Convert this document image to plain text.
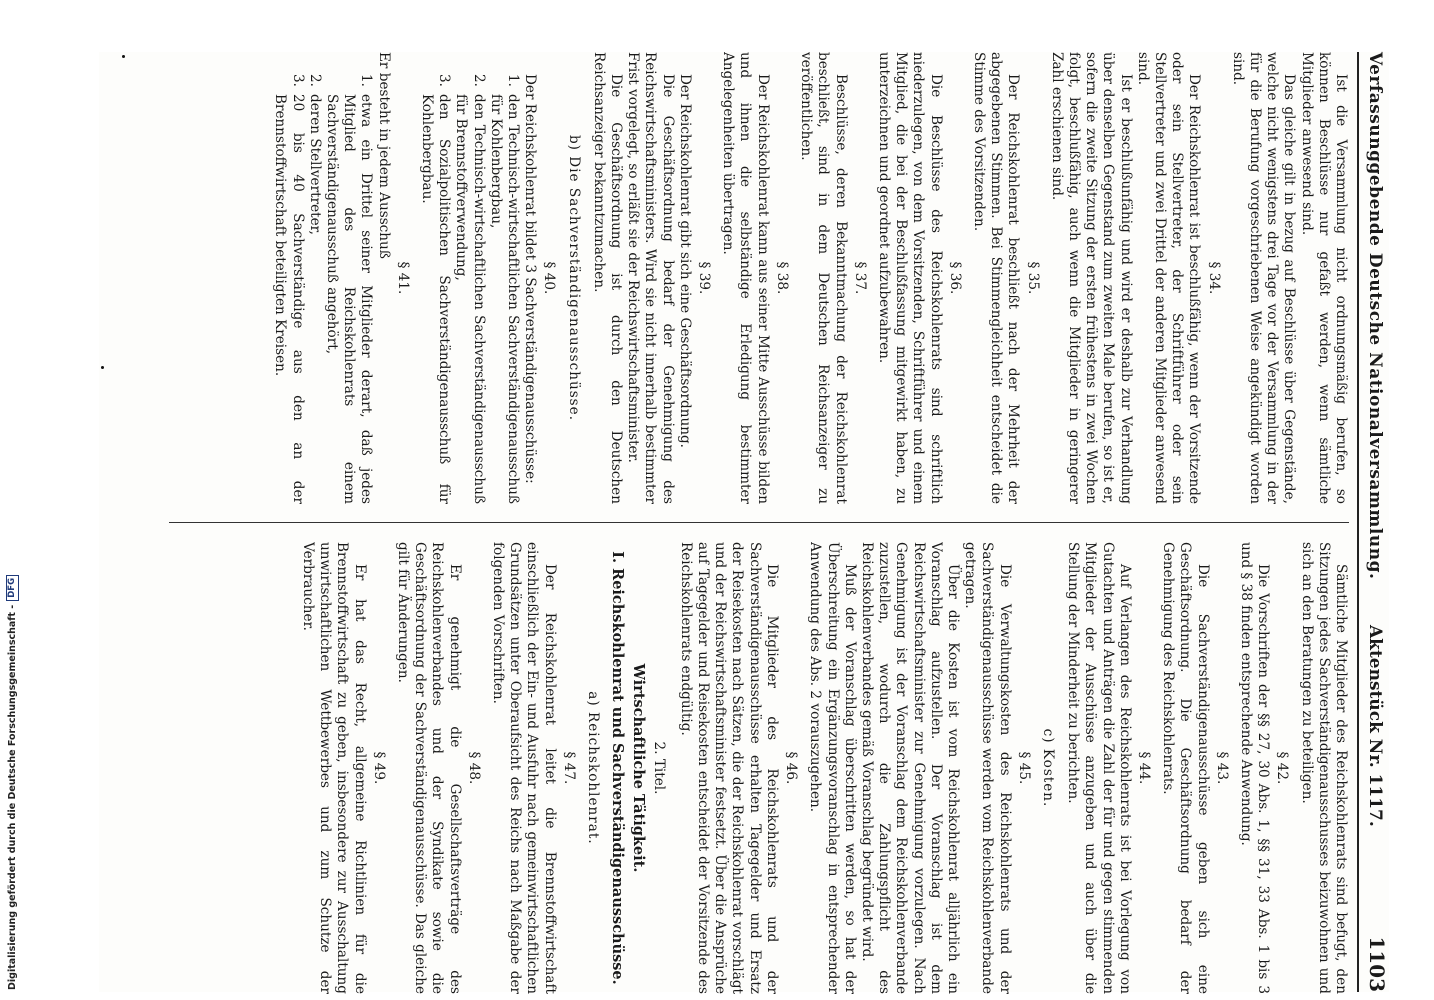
Verfassunggebende Deutsche Nationalversammlung. Aktenstück Nr. 1117.
1103

Ist die Versammlung nicht ordnungsmäßig berufen, so können Beschlüsse nur gefaßt werden, wenn sämtliche Mitglieder anwesend sind.

Das gleiche gilt in bezug auf Beschlüsse über Gegenstände, welche nicht wenigstens drei Tage vor der Versammlung in der für die Berufung vorgeschriebenen Weise angekündigt worden sind.

§ 34.

Der Reichskohlenrat ist beschlußfähig, wenn der Vorsitzende oder sein Stellvertreter, der Schriftführer oder sein Stellvertreter und zwei Drittel der anderen Mitglieder anwesend sind.

Ist er beschlußunfähig und wird er deshalb zur Verhandlung über denselben Gegenstand zum zweiten Male berufen, so ist er, sofern die zweite Sitzung der ersten frühestens in zwei Wochen folgt, beschlußfähig, auch wenn die Mitglieder in geringerer Zahl erschienen sind.

§ 35.

Der Reichskohlenrat beschließt nach der Mehrheit der abgegebenen Stimmen. Bei Stimmengleichheit entscheidet die Stimme des Vorsitzenden.

§ 36.

Die Beschlüsse des Reichskohlenrats sind schriftlich niederzulegen, von dem Vorsitzenden, Schriftführer und einem Mitglied, die bei der Beschlußfassung mitgewirkt haben, zu unterzeichnen und geordnet aufzubewahren.

§ 37.

Beschlüsse, deren Bekanntmachung der Reichskohlenrat beschließt, sind in dem Deutschen Reichsanzeiger zu veröffentlichen.

§ 38.

Der Reichskohlenrat kann aus seiner Mitte Ausschüsse bilden und ihnen die selbständige Erledigung bestimmter Angelegenheiten übertragen.

§ 39.

Der Reichskohlenrat gibt sich eine Geschäftsordnung.

Die Geschäftsordnung bedarf der Genehmigung des Reichswirtschaftsministers. Wird sie nicht innerhalb bestimmter Frist vorgelegt, so erläßt sie der Reichswirtschaftsminister.

Die Geschäftsordnung ist durch den Deutschen Reichsanzeiger bekanntzumachen.

b) Die Sachverständigenausschüsse.
§ 40.

Der Reichskohlenrat bildet 3 Sachverständigenausschüsse:

1.
den Technisch-wirtschaftlichen Sachverständigenausschuß für Kohlenbergbau,
2.
den Technisch-wirtschaftlichen Sachverständigenausschuß für Brennstoffverwendung,
3.
den Sozialpolitischen Sachverständigenausschuß für Kohlenbergbau.
§ 41.

Er besteht in jedem Ausschuß

1.
etwa ein Drittel seiner Mitglieder derart, daß jedes Mitglied des Reichskohlenrats einem Sachverständigenausschuß angehört,
2.
deren Stellvertreter,
3.
20 bis 40 Sachverständige aus den an der Brennstoffwirtschaft beteiligten Kreisen.

Sämtliche Mitglieder des Reichskohlenrats sind befugt, den Sitzungen jedes Sachverständigenausschusses beizuwohnen und sich an den Beratungen zu beteiligen.

§ 42.

Die Vorschriften der §§ 27, 30 Abs. 1, §§ 31, 33 Abs. 1 bis 3 und § 38 finden entsprechende Anwendung.

§ 43.

Die Sachverständigenausschüsse geben sich eine Geschäftsordnung. Die Geschäftsordnung bedarf der Genehmigung des Reichskohlenrats.

§ 44.

Auf Verlangen des Reichskohlenrats ist bei Vorlegung von Gutachten und Anträgen die Zahl der für und gegen stimmenden Mitglieder der Ausschüsse anzugeben und auch über die Stellung der Minderheit zu berichten.

c) Kosten.
§ 45.

Die Verwaltungskosten des Reichskohlenrats und der Sachverständigenausschüsse werden vom Reichskohlenverbande getragen.

Über die Kosten ist vom Reichskohlenrat alljährlich ein Voranschlag aufzustellen. Der Voranschlag ist dem Reichswirtschaftsminister zur Genehmigung vorzulegen. Nach Genehmigung ist der Voranschlag dem Reichskohlenverbande zuzustellen, wodurch die Zahlungspflicht des Reichskohlenverbandes gemäß Voranschlag begründet wird.

Muß der Voranschlag überschritten werden, so hat der Überschreitung ein Ergänzungsvoranschlag in entsprechender Anwendung des Abs. 2 vorauszugehen.

§ 46.

Die Mitglieder des Reichskohlenrats und der Sachverständigenausschüsse erhalten Tagegelder und Ersatz der Reisekosten nach Sätzen, die der Reichskohlenrat vorschlägt und der Reichswirtschaftsminister festsetzt. Über die Ansprüche auf Tagegelder und Reisekosten entscheidet der Vorsitzende des Reichskohlenrats endgültig.

2. Titel.
Wirtschaftliche Tätigkeit.
I. Reichskohlenrat und Sachverständigenausschüsse.
a) Reichskohlenrat.
§ 47.

Der Reichskohlenrat leitet die Brennstoffwirtschaft einschließlich der Ein- und Ausfuhr nach gemeinwirtschaftlichen Grundsätzen unter Oberaufsicht des Reichs nach Maßgabe der folgenden Vorschriften.

§ 48.

Er genehmigt die Gesellschaftsverträge des Reichskohlenverbandes und der Syndikate sowie die Geschäftsordnung der Sachverständigenausschüsse. Das gleiche gilt für Änderungen.

§ 49.

Er hat das Recht, allgemeine Richtlinien für die Brennstoffwirtschaft zu geben, insbesondere zur Ausschaltung unwirtschaftlichen Wettbewerbes und zum Schutze der Verbraucher.

Digitalisierung gefördert durch die Deutsche Forschungsgemeinschaft -
DFG
